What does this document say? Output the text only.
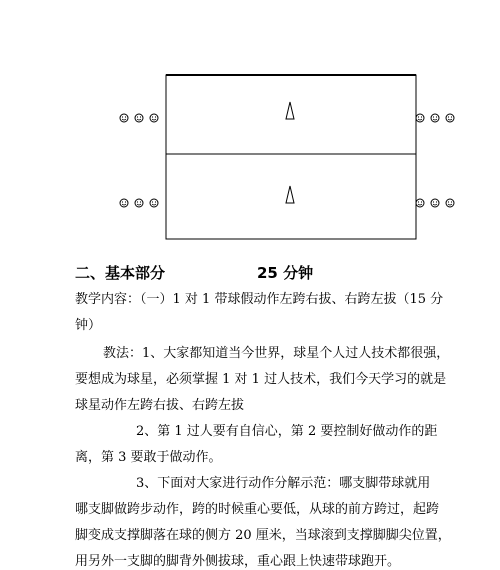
二、基本部分	25 分钟
教学内容：（一）1 对 1 带球假动作左跨右拔、右跨左拔（15 分
钟）
教法：1、大家都知道当今世界，球星个人过人技术都很强，
要想成为球星，必须掌握 1 对 1 过人技术，我们今天学习的就是
球星动作左跨右拔、右跨左拔
2、第 1 过人要有自信心，第 2 要控制好做动作的距
离，第 3 要敢于做动作。
3、下面对大家进行动作分解示范：哪支脚带球就用
哪支脚做跨步动作，跨的时候重心要低，从球的前方跨过，起跨
脚变成支撑脚落在球的侧方 20 厘米，当球滚到支撑脚脚尖位置，
用另外一支脚的脚背外侧拔球，重心跟上快速带球跑开。
